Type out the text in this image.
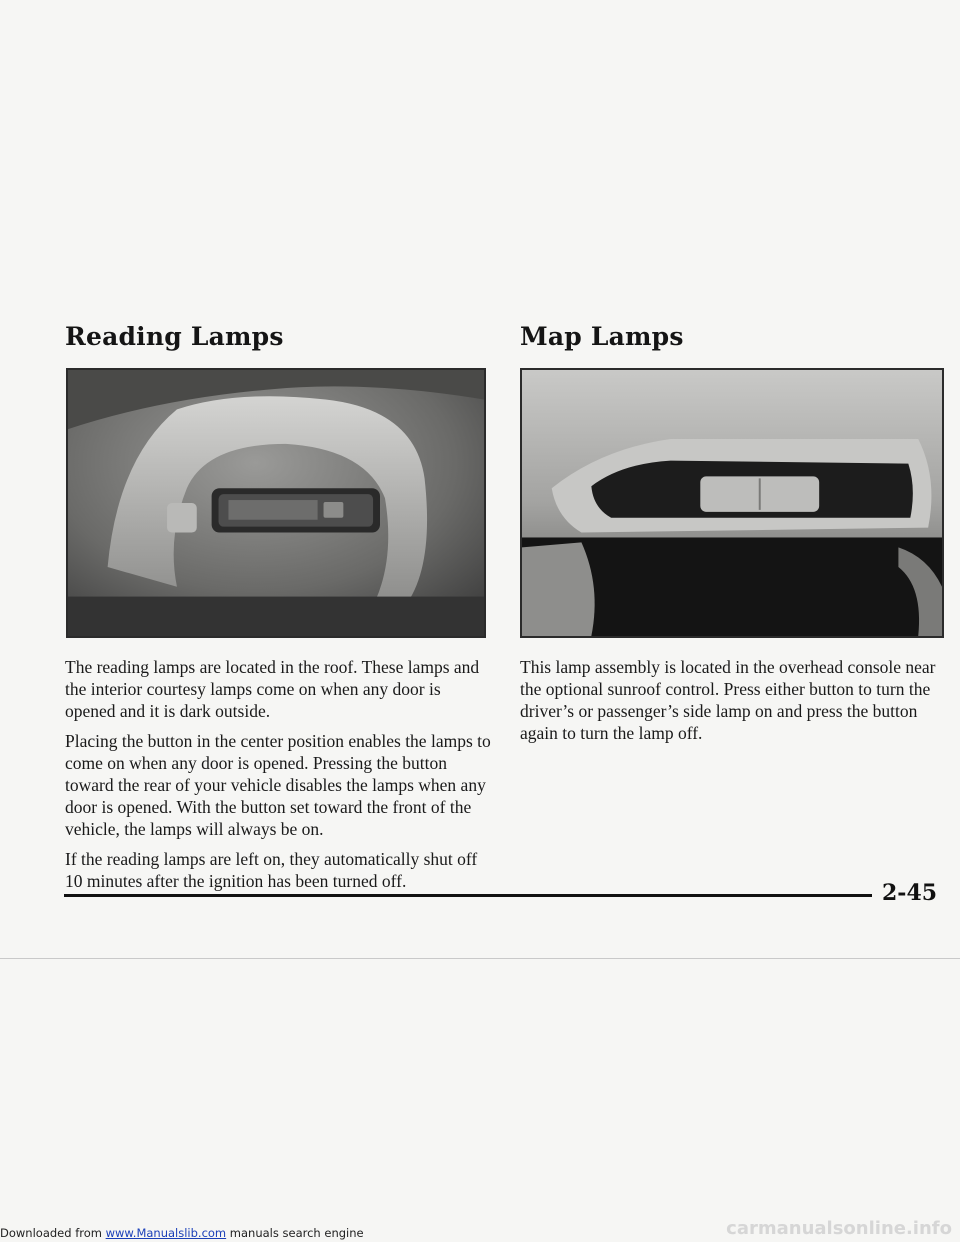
Reading Lamps	Map Lamps

The reading lamps are located in the roof. These lamps and the interior courtesy lamps come on when any door is opened and it is dark outside.

Placing the button in the center position enables the lamps to come on when any door is opened. Pressing the button toward the rear of your vehicle disables the lamps when any door is opened. With the button set toward the front of the vehicle, the lamps will always be on.

If the reading lamps are left on, they automatically shut off 10 minutes after the ignition has been turned off.

This lamp assembly is located in the overhead console near the optional sunroof control. Press either button to turn the driver’s or passenger’s side lamp on and press the button again to turn the lamp off.

2-45
Downloaded from www.Manualslib.com manuals search engine	carmanualsonline.info
